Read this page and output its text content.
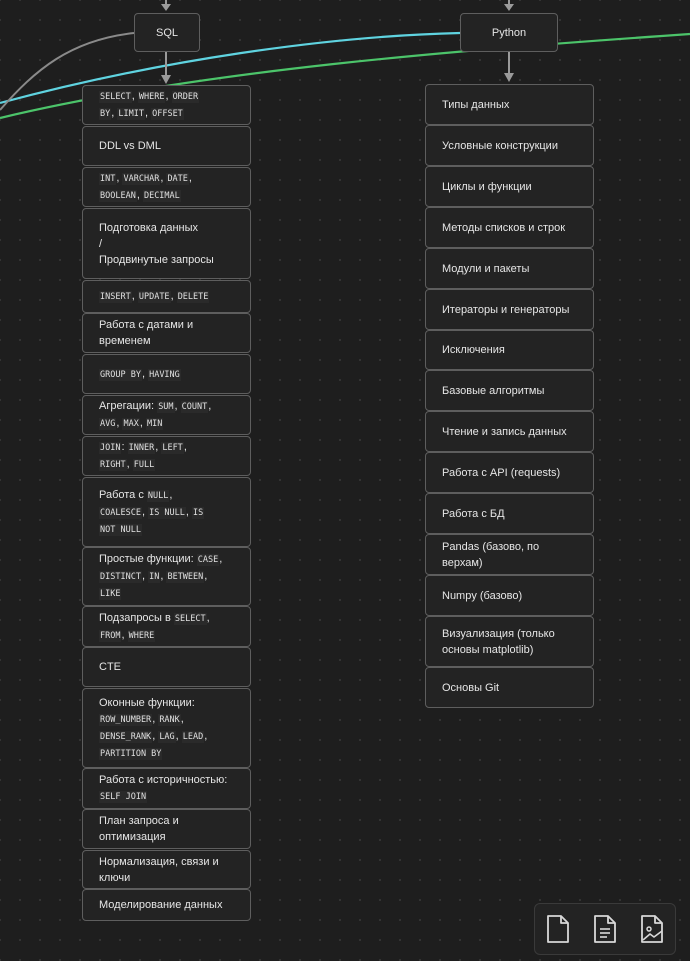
SQL	Python
SELECT, WHERE, ORDER
BY, LIMIT, OFFSET
DDL vs DML
INT, VARCHAR, DATE,
BOOLEAN, DECIMAL
Подготовка данных
/
Продвинутые запросы
INSERT, UPDATE, DELETE
Работа с датами и
временем
GROUP BY, HAVING
Агрегации: SUM, COUNT,
AVG, MAX, MIN
JOIN: INNER, LEFT,
RIGHT, FULL
Работа с NULL,
COALESCE, IS NULL, IS
NOT NULL
Простые функции: CASE,
DISTINCT, IN, BETWEEN,
LIKE
Подзапросы в SELECT,
FROM, WHERE
CTE
Оконные функции:
ROW_NUMBER, RANK,
DENSE_RANK, LAG, LEAD,
PARTITION BY
Работа с историчностью:
SELF JOIN
План запроса и
оптимизация
Нормализация, связи и
ключи
Моделирование данных
Типы данных
Условные конструкции
Циклы и функции
Методы списков и строк
Модули и пакеты
Итераторы и генераторы
Исключения
Базовые алгоритмы
Чтение и запись данных
Работа с API (requests)
Работа с БД
Pandas (базово, по
верхам)
Numpy (базово)
Визуализация (только
основы matplotlib)
Основы Git
